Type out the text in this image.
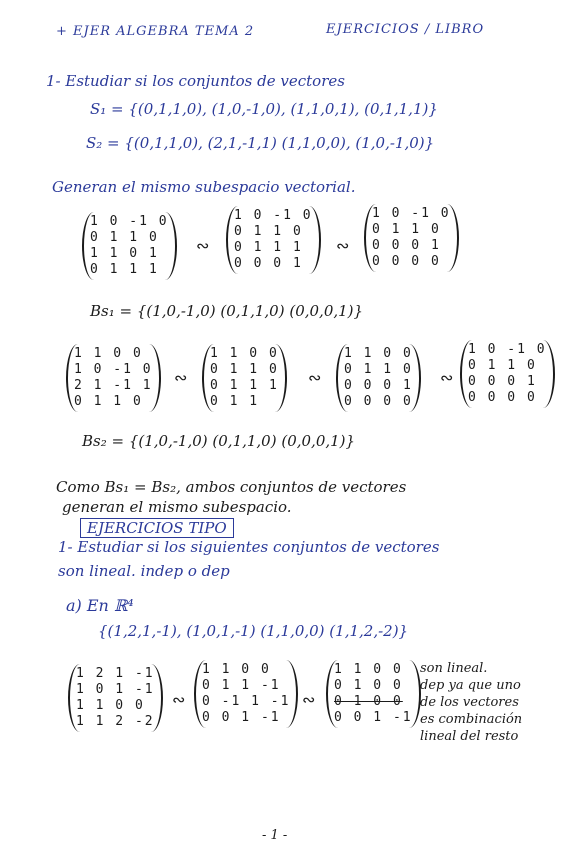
+ EJER ALGEBRA TEMA 2	EJERCICIOS / LIBRO
1- Estudiar si los conjuntos de vectores
S₁ = {(0,1,1,0), (1,0,-1,0), (1,1,0,1), (0,1,1,1)}
S₂ = {(0,1,1,0), (2,1,-1,1) (1,1,0,0), (1,0,-1,0)}
Generan el mismo subespacio vectorial.
1 0 -1 0
0 1 1 0
1 1 0 1
0 1 1 1
∾
1 0 -1 0
0 1 1 0
0 1 1 1
0 0 0 1
∾
1 0 -1 0
0 1 1 0
0 0 0 1
0 0 0 0
Bs₁ = {(1,0,-1,0) (0,1,1,0) (0,0,0,1)}
1 1 0 0
1 0 -1 0
2 1 -1 1
0 1 1 0
∾
1 1 0 0
0 1 1 0
0 1 1 1
0 1 1
∾
1 1 0 0
0 1 1 0
0 0 0 1
0 0 0 0
∾
1 0 -1 0
0 1 1 0
0 0 0 1
0 0 0 0
Bs₂ = {(1,0,-1,0) (0,1,1,0) (0,0,0,1)}
Como Bs₁ = Bs₂, ambos conjuntos de vectores
generan el mismo subespacio.
EJERCICIOS TIPO
1- Estudiar si los siguientes conjuntos de vectores
son lineal. indep o dep
a) En ℝ⁴
{(1,2,1,-1), (1,0,1,-1) (1,1,0,0) (1,1,2,-2)}
1 2 1 -1
1 0 1 -1
1 1 0 0
1 1 2 -2
∾
1 1 0 0
0 1 1 -1
0 -1 1 -1
0 0 1 -1
∾
1 1 0 0
0 1 0 0
0 1 0 0
0 0 1 -1
son lineal.
dep ya que uno
de los vectores
es combinación
lineal del resto
- 1 -
